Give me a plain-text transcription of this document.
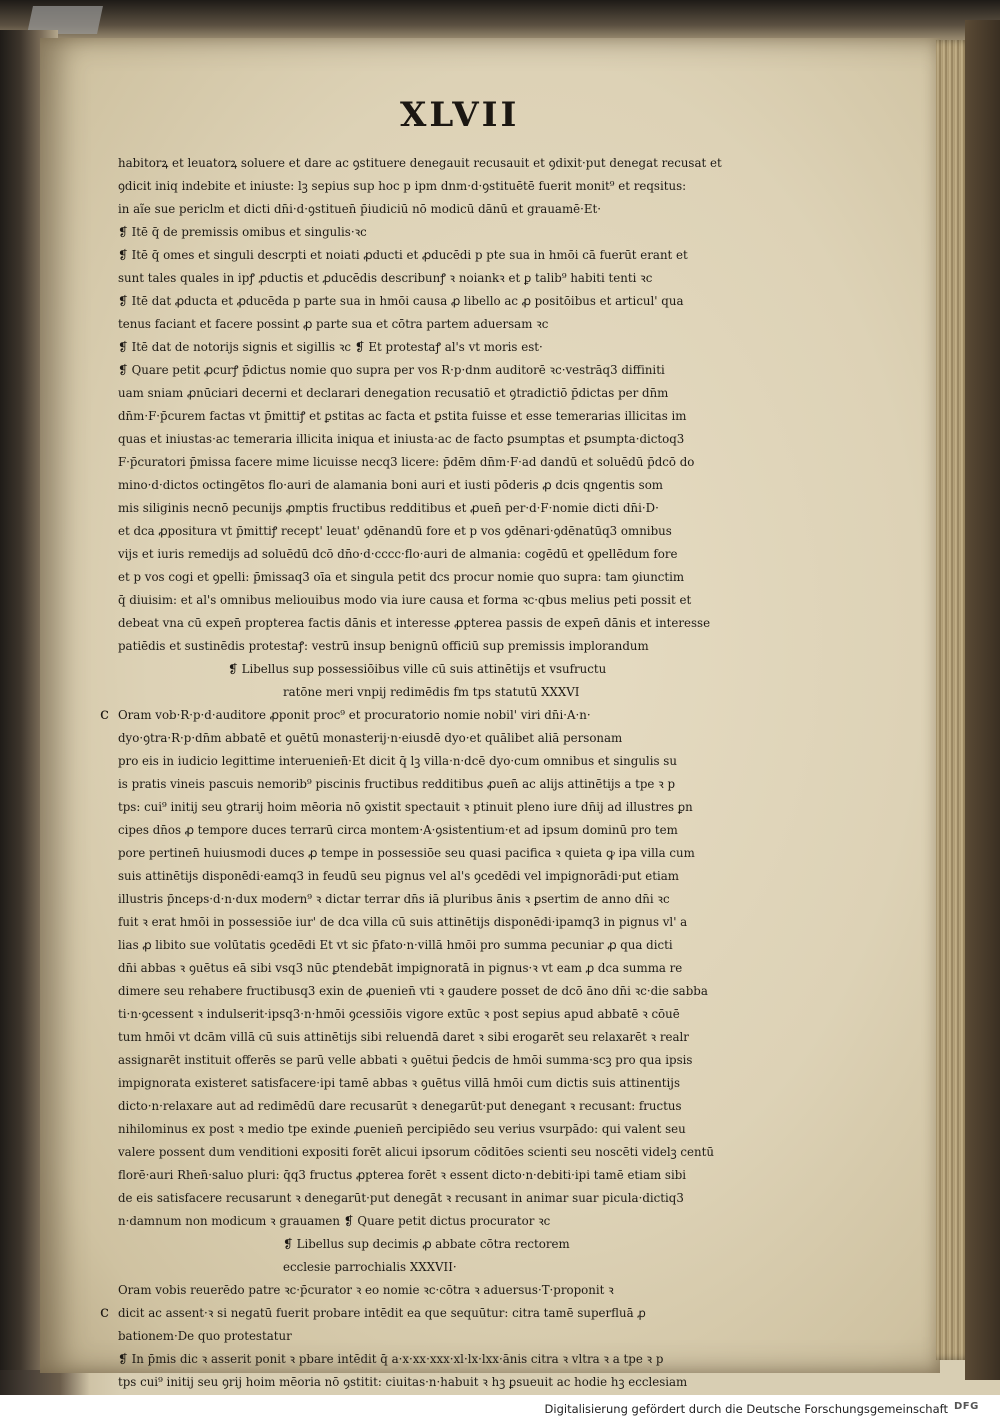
XLVII
habitorꝝ et leuatorꝝ soluere et dare ac ꝯstituere denegauit recusauit et ꝯdixit·put denegat recusat et
ꝯdicit iniq indebite et iniuste: lꝫ sepius sup hoc p ipm dnm·d·ꝯstituētē fuerit monit⁹ et reqsitus:
in aĩe sue periclm et dicti dn̄i·d·ꝯstituen̄ p̄iudiciū nō modicū dānū et grauamē·Et·
❡ Itē q̄ de premissis omibus et singulis·ꝛc
❡ Itē q̄ omes et singuli descrpti et noiati ꝓducti et ꝓducēdi p pte sua in hmōi cā fuerūt erant et
sunt tales quales in ipꝭ ꝓductis et ꝓducēdis describunꝭ ꝛ noiankꝛ et ꝑ talib⁹ habiti tenti ꝛc
❡ Itē dat ꝓducta et ꝓducēda p parte sua in hmōi causa ꝓ libello ac ꝓ positōibus et articul' qua
tenus faciant et facere possint ꝓ parte sua et cōtra partem aduersam ꝛc
❡ Itē dat de notorijs signis et sigillis ꝛc ❡ Et protestaꝭ al's vt moris est·
❡ Quare petit ꝓcurꝭ p̄dictus nomie quo supra per vos R·p·dnm auditorē ꝛc·vestrāq3 diffiniti
uam sniam ꝓnūciari decerni et declarari denegation recusatiō et ꝯtradictiō p̄dictas per dn̄m
dn̄m·F·p̄curem factas vt p̄mittiꝭ et ꝑstitas ac facta et ꝑstita fuisse et esse temerarias illicitas im
quas et iniustas·ac temeraria illicita iniqua et iniusta·ac de facto ꝑsumptas et ꝑsumpta·dictoq3
F·p̄curatori p̄missa facere mime licuisse necq3 licere: p̄dēm dn̄m·F·ad dandū et soluēdū p̄dcō do
mino·d·dictos octingētos flo·auri de alamania boni auri et iusti pōderis ꝓ dcis qngentis som
mis siliginis necnō pecunijs ꝓmptis fructibus redditibus et ꝓuen̄ per·d·F·nomie dicti dn̄i·D·
et dca ꝓpositura vt p̄mittiꝭ recept' leuat' ꝯdēnandū fore et p vos ꝯdēnari·ꝯdēnatūq3 omnibus
vijs et iuris remedijs ad soluēdū dcō dn̄o·d·cccc·flo·auri de almania: cogēdū et ꝯpellēdum fore
et p vos cogi et ꝯpelli: p̄missaq3 oīa et singula petit dcs procur nomie quo supra: tam ꝯiunctim
q̄ diuisim: et al's omnibus meliouibus modo via iure causa et forma ꝛc·qbus melius peti possit et
debeat vna cū expen̄ propterea factis dānis et interesse ꝓpterea passis de expen̄ dānis et interesse
patiēdis et sustinēdis protestaꝭ: vestrū insup benignū officiū sup premissis implorandum
❡ Libellus sup possessiōibus ville cū suis attinētijs et vsufructu
ratōne meri vnpij redimēdis fm tps statutū XXXVI
Oram vob·R·p·d·auditore ꝓponit proc⁹ et procuratorio nomie nobil' viri dn̄i·A·n·
dyo·ꝯtra·R·p·dn̄m abbatē et ꝯuētū monasterij·n·eiusdē dyo·et quālibet aliā personam
pro eis in iudicio legittime interuenien̄·Et dicit q̄ lꝫ villa·n·dcē dyo·cum omnibus et singulis su
is pratis vineis pascuis nemorib⁹ piscinis fructibus redditibus ꝓuen̄ ac alijs attinētijs a tpe ꝛ p
tps: cui⁹ initij seu ꝯtrarij hoim mēoria nō ꝯxistit spectauit ꝛ ptinuit pleno iure dn̄ij ad illustres ꝑn
cipes dn̄os ꝓ tempore duces terrarū circa montem·A·ꝯsistentium·et ad ipsum dominū pro tem
pore pertinen̄ huiusmodi duces ꝓ tempe in possessiōe seu quasi pacifica ꝛ quieta ꝙ ipa villa cum
suis attinētijs disponēdi·eamq3 in feudū seu pignus vel al's ꝯcedēdi vel impignorādi·put etiam
illustris p̄nceps·d·n·dux modern⁹ ꝛ dictar terrar dn̄s iā pluribus ānis ꝛ ꝑsertim de anno dn̄i ꝛc
fuit ꝛ erat hmōi in possessiōe iur' de dca villa cū suis attinētijs disponēdi·ipamq3 in pignus vl' a
lias ꝓ libito sue volūtatis ꝯcedēdi Et vt sic p̄fato·n·villā hmōi pro summa pecuniar ꝓ qua dicti
dn̄i abbas ꝛ ꝯuētus eā sibi vsq3 nūc ꝑtendebāt impignoratā in pignus·ꝛ vt eam ꝓ dca summa re
dimere seu rehabere fructibusq3 exin de ꝓuenien̄ vti ꝛ gaudere posset de dcō āno dn̄i ꝛc·die sabba
ti·n·ꝯcessent ꝛ indulserit·ipsq3·n·hmōi ꝯcessiōis vigore extūc ꝛ post sepius apud abbatē ꝛ cōuē
tum hmōi vt dcām villā cū suis attinētijs sibi reluendā daret ꝛ sibi erogarēt seu relaxarēt ꝛ realr
assignarēt instituit offerēs se parū velle abbati ꝛ ꝯuētui p̄edcis de hmōi summa·scꝫ pro qua ipsis
impignorata existeret satisfacere·ipi tamē abbas ꝛ ꝯuētus villā hmōi cum dictis suis attinentijs
dicto·n·relaxare aut ad redimēdū dare recusarūt ꝛ denegarūt·put denegant ꝛ recusant: fructus
nihilominus ex post ꝛ medio tpe exinde ꝓuenien̄ percipiēdo seu verius vsurpādo: qui valent seu
valere possent dum venditioni expositi forēt alicui ipsorum cōditōes scienti seu noscēti videlꝫ centū
florē·auri Rhen̄·saluo pluri: q̄q3 fructus ꝓpterea forēt ꝛ essent dicto·n·debiti·ipi tamē etiam sibi
de eis satisfacere recusarunt ꝛ denegarūt·put denegāt ꝛ recusant in animar suar picula·dictiq3
n·damnum non modicum ꝛ grauamen ❡ Quare petit dictus procurator ꝛc
❡ Libellus sup decimis ꝓ abbate cōtra rectorem
ecclesie parrochialis XXXVII·
Oram vobis reuerēdo patre ꝛc·p̄curator ꝛ eo nomie ꝛc·cōtra ꝛ aduersus·T·proponit ꝛ
dicit ac assent·ꝛ si negatū fuerit probare intēdit ea que sequūtur: citra tamē superfluā ꝓ
bationem·De quo protestatur
❡ In p̄mis dic ꝛ asserit ponit ꝛ pbare intēdit q̄ a·x·xx·xxx·xl·lx·lxx·ānis citra ꝛ vltra ꝛ a tpe ꝛ p
tps cui⁹ initij seu ꝯrij hoim mēoria nō ꝯstitit: ciuitas·n·habuit ꝛ hꝫ ꝑsueuit ac hodie hꝫ ecclesiam
Digitalisierung gefördert durch die Deutsche Forschungsgemeinschaft DFG
c
c
